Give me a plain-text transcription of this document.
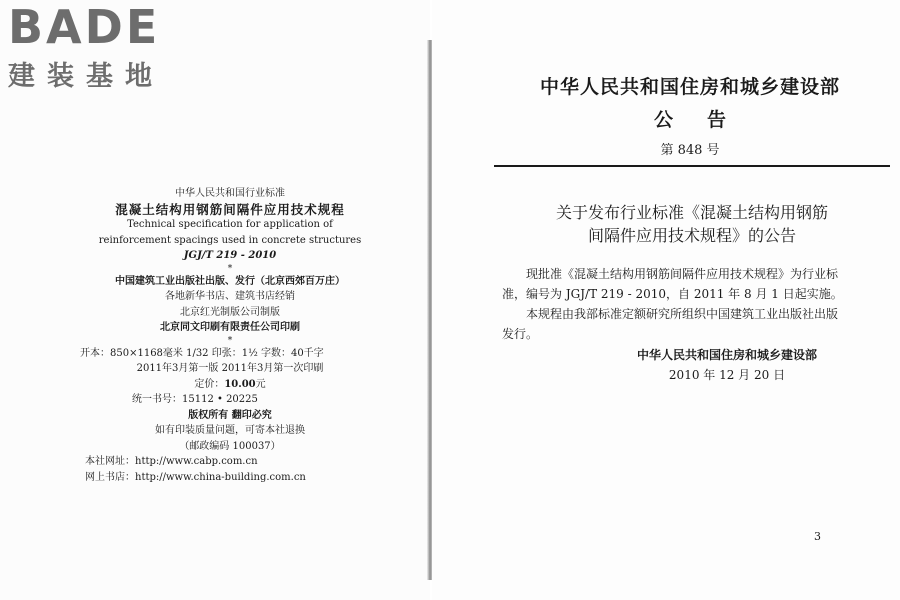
BADE
建装基地
中华人民共和国行业标准
混凝土结构用钢筋间隔件应用技术规程
Technical specification for application of
reinforcement spacings used in concrete structures
JGJ/T 219 - 2010
*
中国建筑工业出版社出版、发行（北京西郊百万庄）
各地新华书店、建筑书店经销
北京红光制版公司制版
北京同文印刷有限责任公司印刷
*
开本：850×1168毫米 1/32 印张：1½ 字数：40千字
2011年3月第一版 2011年3月第一次印刷
定价：10.00元
统一书号：15112 • 20225
版权所有 翻印必究
如有印装质量问题，可寄本社退换
（邮政编码 100037）
本社网址：http://www.cabp.com.cn
网上书店：http://www.china-building.com.cn
中华人民共和国住房和城乡建设部
公告
第 848 号
关于发布行业标准《混凝土结构用钢筋
间隔件应用技术规程》的公告

现批准《混凝土结构用钢筋间隔件应用技术规程》为行业标

准，编号为 JGJ/T 219 - 2010，自 2011 年 8 月 1 日起实施。

本规程由我部标准定额研究所组织中国建筑工业出版社出版

发行。
中华人民共和国住房和城乡建设部
2010 年 12 月 20 日
3
